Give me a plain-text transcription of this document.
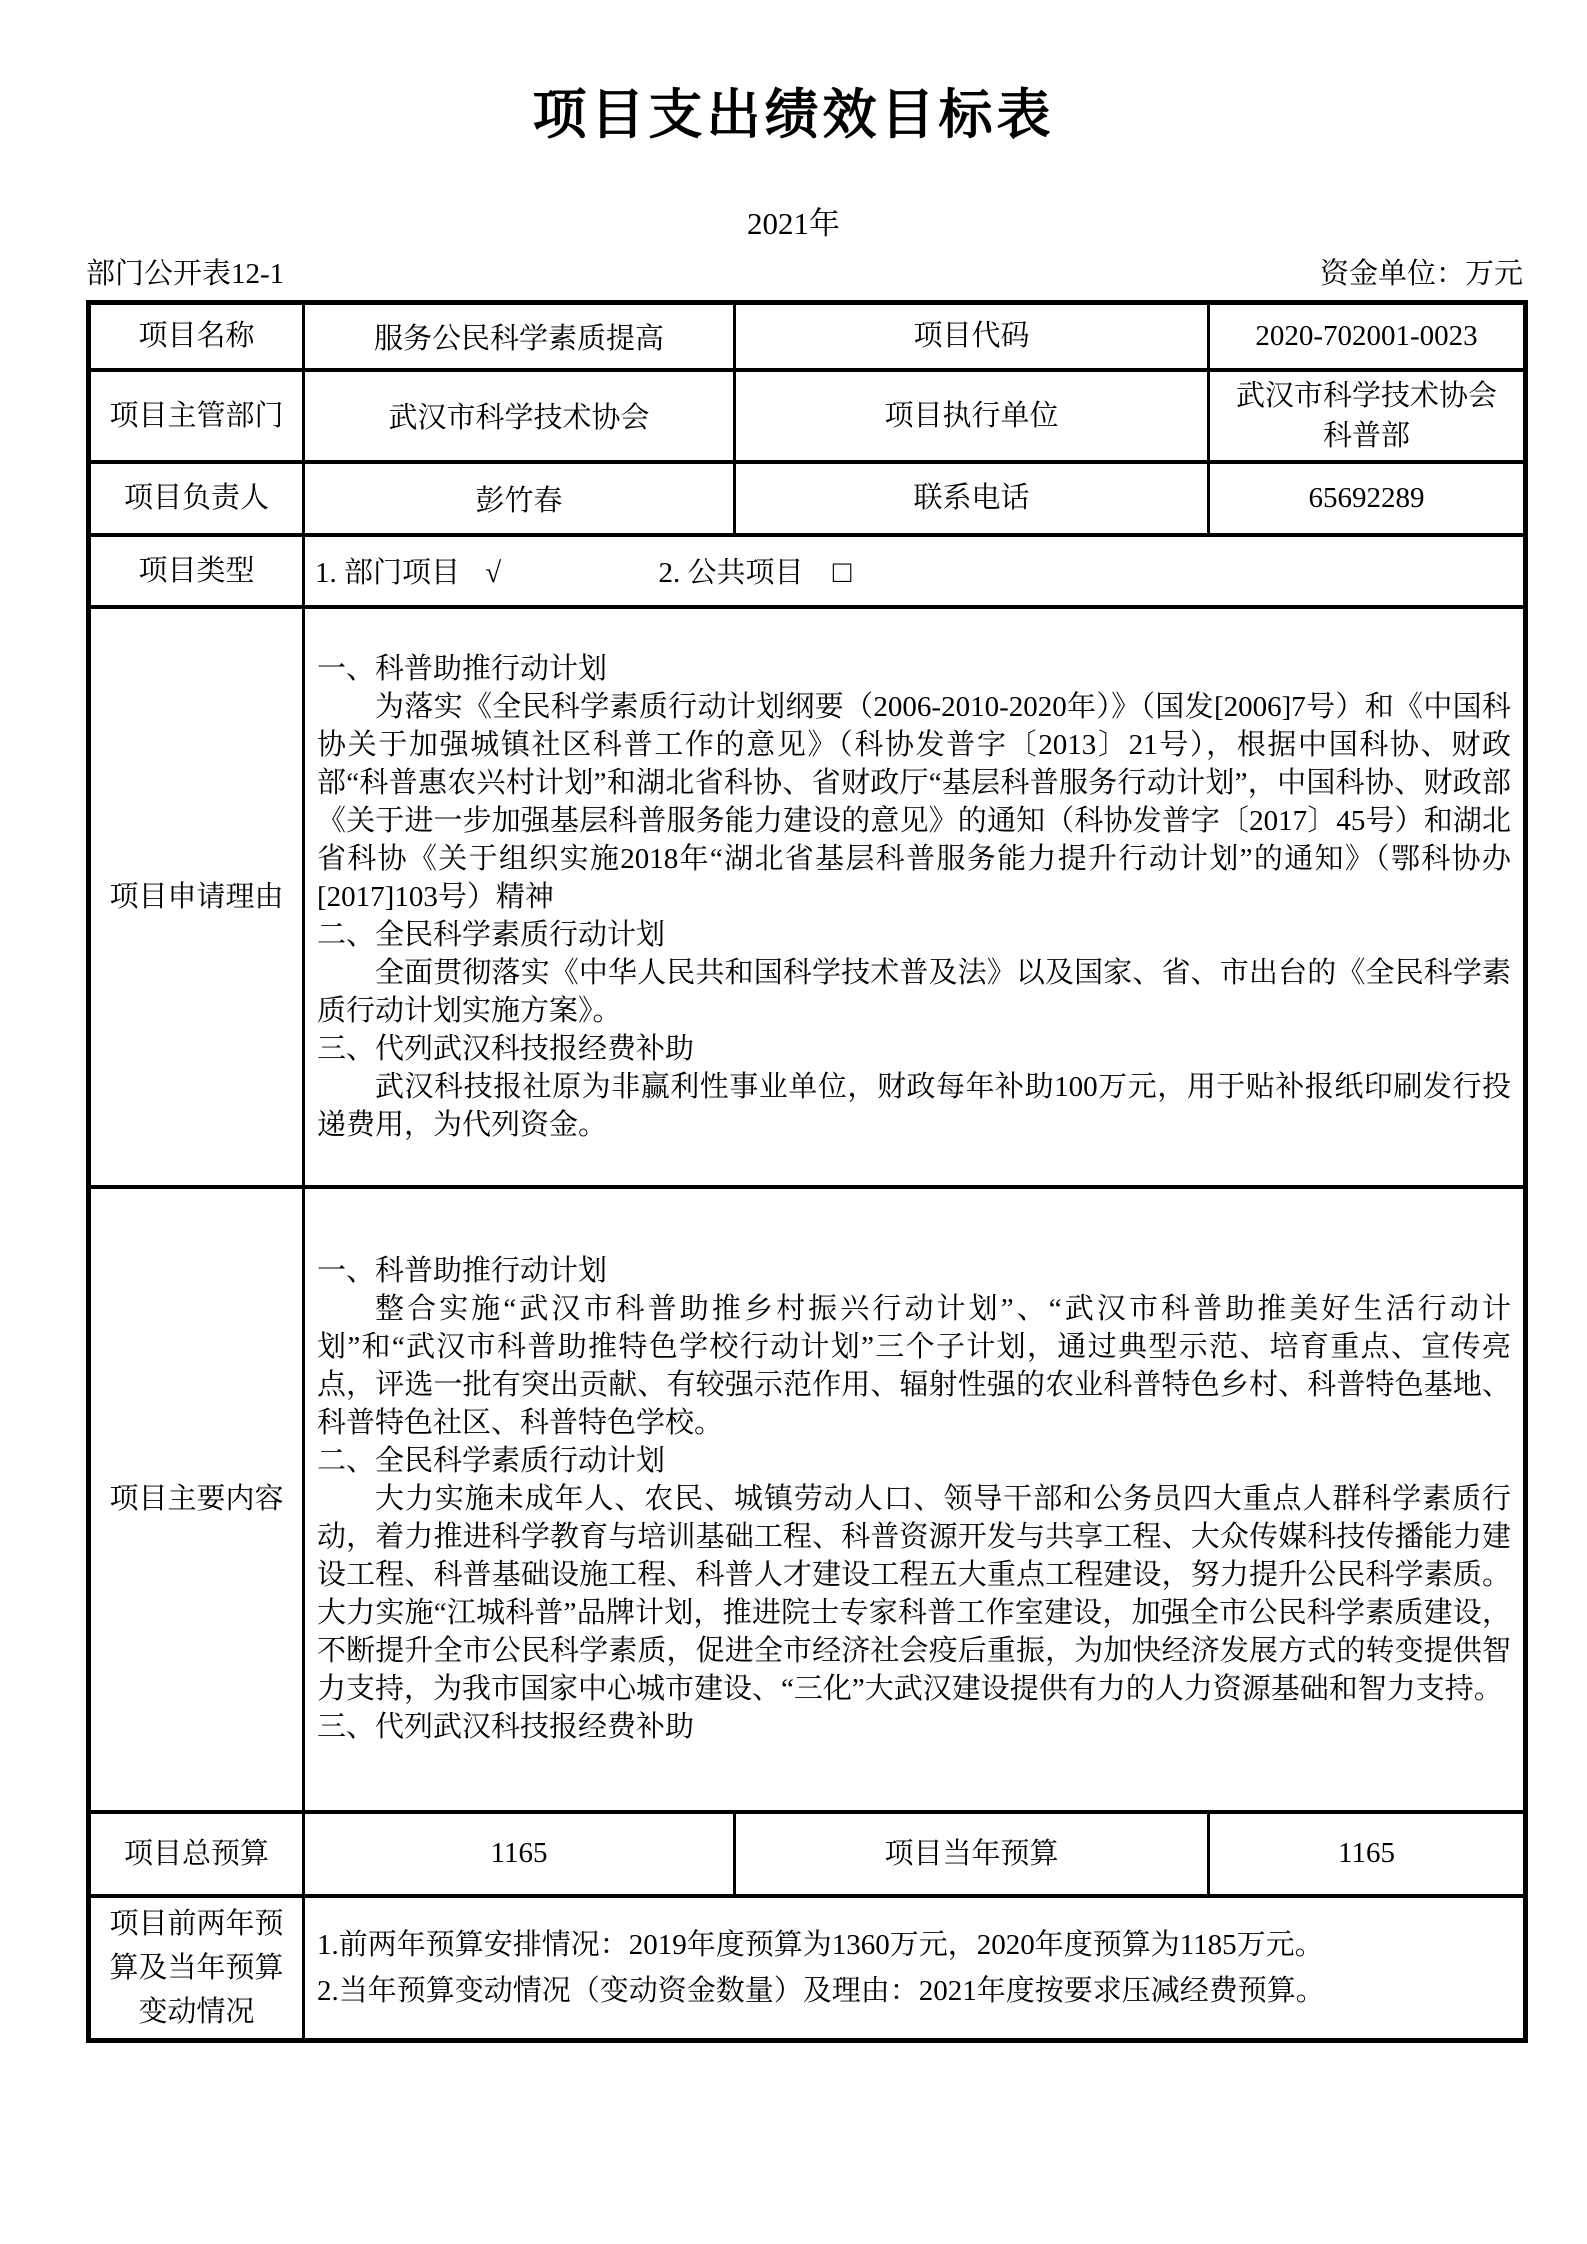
项目支出绩效目标表
2021年
部门公开表12-1	资金单位：万元
项目名称	服务公民科学素质提高	项目代码	2020-702001-0023
项目主管部门	武汉市科学技术协会	项目执行单位	武汉市科学技术协会
科普部

项目负责人	彭竹春	联系电话	65692289
项目类型	1. 部门项目 √ 2. 公共项目 □		
项目申请理由	

一、科普助推行动计划

为落实《全民科学素质行动计划纲要（2006-2010-2020年）》（国发[2006]7号）和《中国科协关于加强城镇社区科普工作的意见》（科协发普字〔2013〕21号），根据中国科协、财政部“科普惠农兴村计划”和湖北省科协、省财政厅“基层科普服务行动计划”，中国科协、财政部《关于进一步加强基层科普服务能力建设的意见》的通知（科协发普字〔2017〕45号）和湖北省科协《关于组织实施2018年“湖北省基层科普服务能力提升行动计划”的通知》（鄂科协办[2017]103号）精神

二、全民科学素质行动计划

全面贯彻落实《中华人民共和国科学技术普及法》以及国家、省、市出台的《全民科学素质行动计划实施方案》。

三、代列武汉科技报经费补助

武汉科技报社原为非赢利性事业单位，财政每年补助100万元，用于贴补报纸印刷发行投递费用，为代列资金。

项目主要内容	一、科普助推行动计划

整合实施“武汉市科普助推乡村振兴行动计划”、“武汉市科普助推美好生活行动计划”和“武汉市科普助推特色学校行动计划”三个子计划，通过典型示范、培育重点、宣传亮点，评选一批有突出贡献、有较强示范作用、辐射性强的农业科普特色乡村、科普特色基地、科普特色社区、科普特色学校。

二、全民科学素质行动计划

大力实施未成年人、农民、城镇劳动人口、领导干部和公务员四大重点人群科学素质行动，着力推进科学教育与培训基础工程、科普资源开发与共享工程、大众传媒科技传播能力建设工程、科普基础设施工程、科普人才建设工程五大重点工程建设，努力提升公民科学素质。 大力实施“江城科普”品牌计划，推进院士专家科普工作室建设，加强全市公民科学素质建设，不断提升全市公民科学素质，促进全市经济社会疫后重振，为加快经济发展方式的转变提供智力支持，为我市国家中心城市建设、“三化”大武汉建设提供有力的人力资源基础和智力支持。

三、代列武汉科技报经费补助		

项目总预算	1165	项目当年预算	1165
项目前两年预算及当年预算变动情况	1.前两年预算安排情况：2019年度预算为1360万元，2020年度预算为1185万元。

2.当年预算变动情况（变动资金数量）及理由：2021年度按要求压减经费预算。		
